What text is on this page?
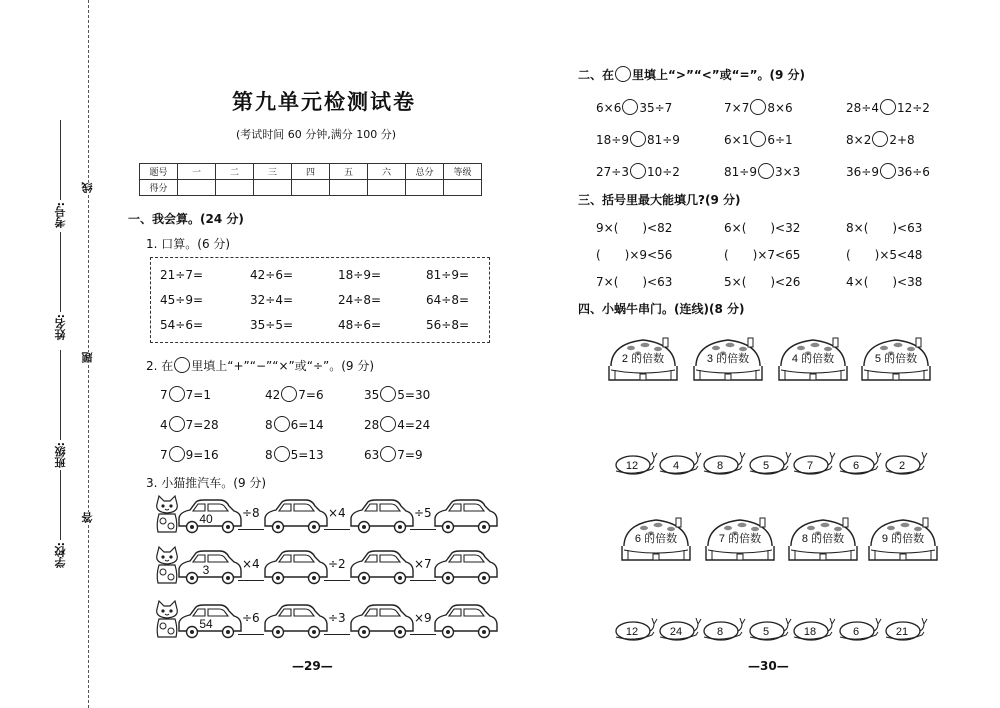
考号:
姓名:
班级:
学校:
线
题
答
第九单元检测试卷
(考试时间 60 分钟,满分 100 分)
题号	一	二	三	四	五	六	总分	等级
得分								
一、我会算。(24 分)
1. 口算。(6 分)
21÷7=	42÷6=	18÷9=	81÷9=
45÷9=	32÷4=	24÷8=	64÷8=
54÷6=	35÷5=	48÷6=	56÷8=
2. 在 里填上“+”“−”“×”或“÷”。(9 分)
7 7=1	42 7=6	35 5=30
4 7=28	8 6=14	28 4=24
7 9=16	8 5=13	63 7=9
3. 小猫推汽车。(9 分)
40 ÷8	×4	÷5
3	×4	÷2	×7
54 ÷6	÷3	×9
—29—
二、在 里填上“>”“<”或“=”。(9 分)
6×6 35÷7	7×7 8×6	28÷4 12÷2
18÷9 81÷9	6×1 6÷1	8×2 2+8
27÷3 10÷2	81÷9 3×3	36÷9 36÷6
三、括号里最大能填几?(9 分)
9×(　　)<82	6×(　　)<32	8×(　　)<63
(　　)×9<56	(　　)×7<65	(　　)×5<48
7×(　　)<63	5×(　　)<26	4×(　　)<38
四、小蜗牛串门。(连线)(8 分)
2 的倍数	3 的倍数	4 的倍数	5 的倍数
12	4	8	5	7	6	2
6 的倍数	7 的倍数	8 的倍数	9 的倍数
12	24	8	5	18	6	21
—30—
